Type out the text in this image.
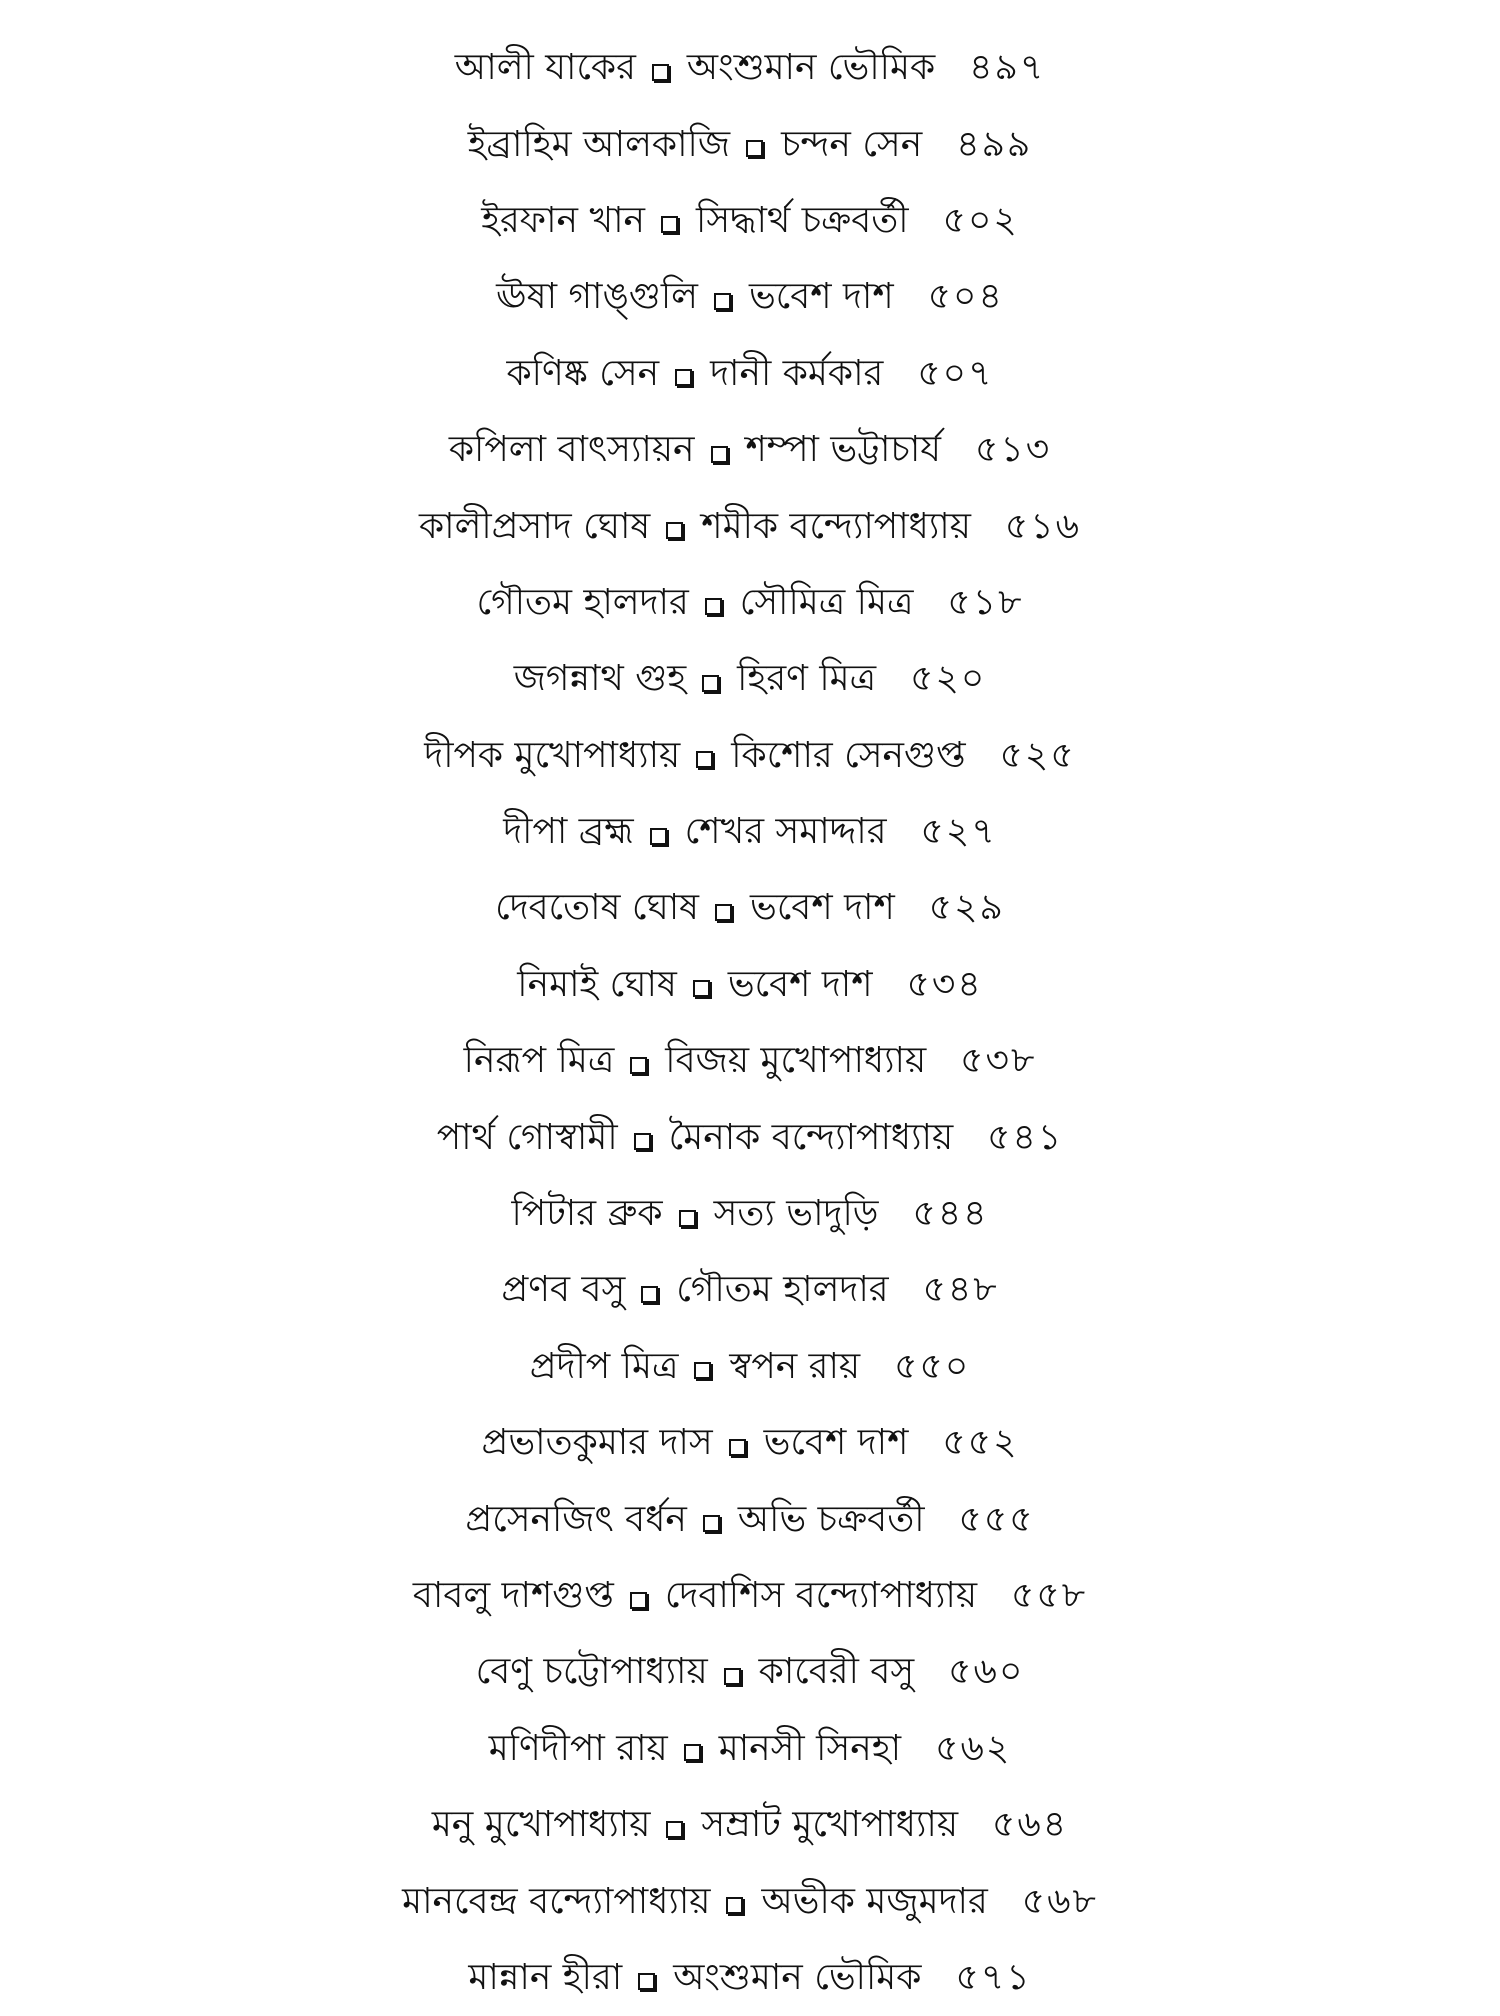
আলী যাকের অংশুমান ভৌমিক ৪৯৭
ইব্রাহিম আলকাজি চন্দন সেন ৪৯৯
ইরফান খান সিদ্ধার্থ চক্রবর্তী ৫০২
ঊষা গাঙ্গুলি ভবেশ দাশ ৫০৪
কণিষ্ক সেন দানী কর্মকার ৫০৭
কপিলা বাৎস্যায়ন শম্পা ভট্টাচার্য ৫১৩
কালীপ্রসাদ ঘোষ শমীক বন্দ্যোপাধ্যায় ৫১৬
গৌতম হালদার সৌমিত্র মিত্র ৫১৮
জগন্নাথ গুহ হিরণ মিত্র ৫২০
দীপক মুখোপাধ্যায় কিশোর সেনগুপ্ত ৫২৫
দীপা ব্রহ্ম শেখর সমাদ্দার ৫২৭
দেবতোষ ঘোষ ভবেশ দাশ ৫২৯
নিমাই ঘোষ ভবেশ দাশ ৫৩৪
নিরূপ মিত্র বিজয় মুখোপাধ্যায় ৫৩৮
পার্থ গোস্বামী মৈনাক বন্দ্যোপাধ্যায় ৫৪১
পিটার ব্রুক সত্য ভাদুড়ি ৫৪৪
প্রণব বসু গৌতম হালদার ৫৪৮
প্রদীপ মিত্র স্বপন রায় ৫৫০
প্রভাতকুমার দাস ভবেশ দাশ ৫৫২
প্রসেনজিৎ বর্ধন অভি চক্রবর্তী ৫৫৫
বাবলু দাশগুপ্ত দেবাশিস বন্দ্যোপাধ্যায় ৫৫৮
বেণু চট্টোপাধ্যায় কাবেরী বসু ৫৬০
মণিদীপা রায় মানসী সিনহা ৫৬২
মনু মুখোপাধ্যায় সম্রাট মুখোপাধ্যায় ৫৬৪
মানবেন্দ্র বন্দ্যোপাধ্যায় অভীক মজুমদার ৫৬৮
মান্নান হীরা অংশুমান ভৌমিক ৫৭১
